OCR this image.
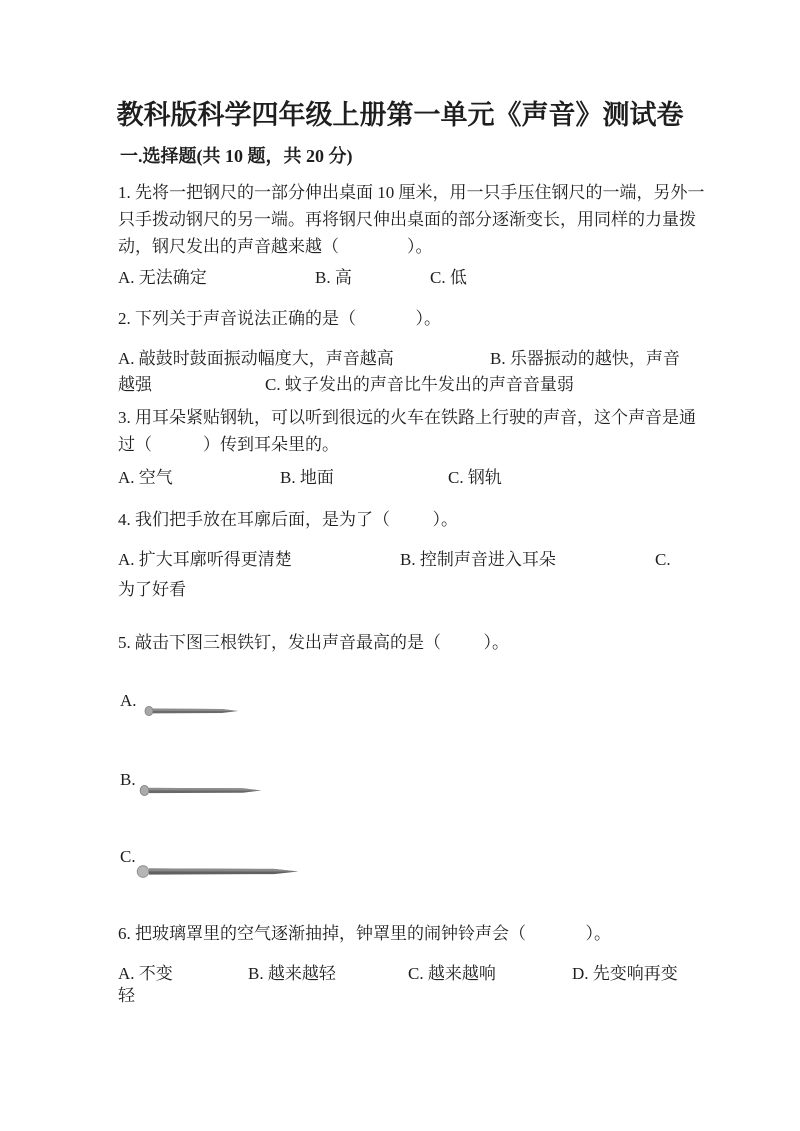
教科版科学四年级上册第一单元《声音》测试卷
一.选择题(共 10 题，共 20 分)
1. 先将一把钢尺的一部分伸出桌面 10 厘米，用一只手压住钢尺的一端，另外一
只手拨动钢尺的另一端。再将钢尺伸出桌面的部分逐渐变长，用同样的力量拨
动，钢尺发出的声音越来越（                ）。
A. 无法确定	B. 高	C. 低
2. 下列关于声音说法正确的是（              ）。
A. 敲鼓时鼓面振动幅度大，声音越高	B. 乐器振动的越快，声音
越强	C. 蚊子发出的声音比牛发出的声音音量弱
3. 用耳朵紧贴钢轨，可以听到很远的火车在铁路上行驶的声音，这个声音是通
过（            ）传到耳朵里的。
A. 空气	B. 地面	C. 钢轨
4. 我们把手放在耳廓后面，是为了（          ）。
A. 扩大耳廓听得更清楚	B. 控制声音进入耳朵	C.
为了好看
5. 敲击下图三根铁钉，发出声音最高的是（          ）。
A.
B.
C.
6. 把玻璃罩里的空气逐渐抽掉，钟罩里的闹钟铃声会（              ）。
A. 不变	B. 越来越轻	C. 越来越响	D. 先变响再变
轻
